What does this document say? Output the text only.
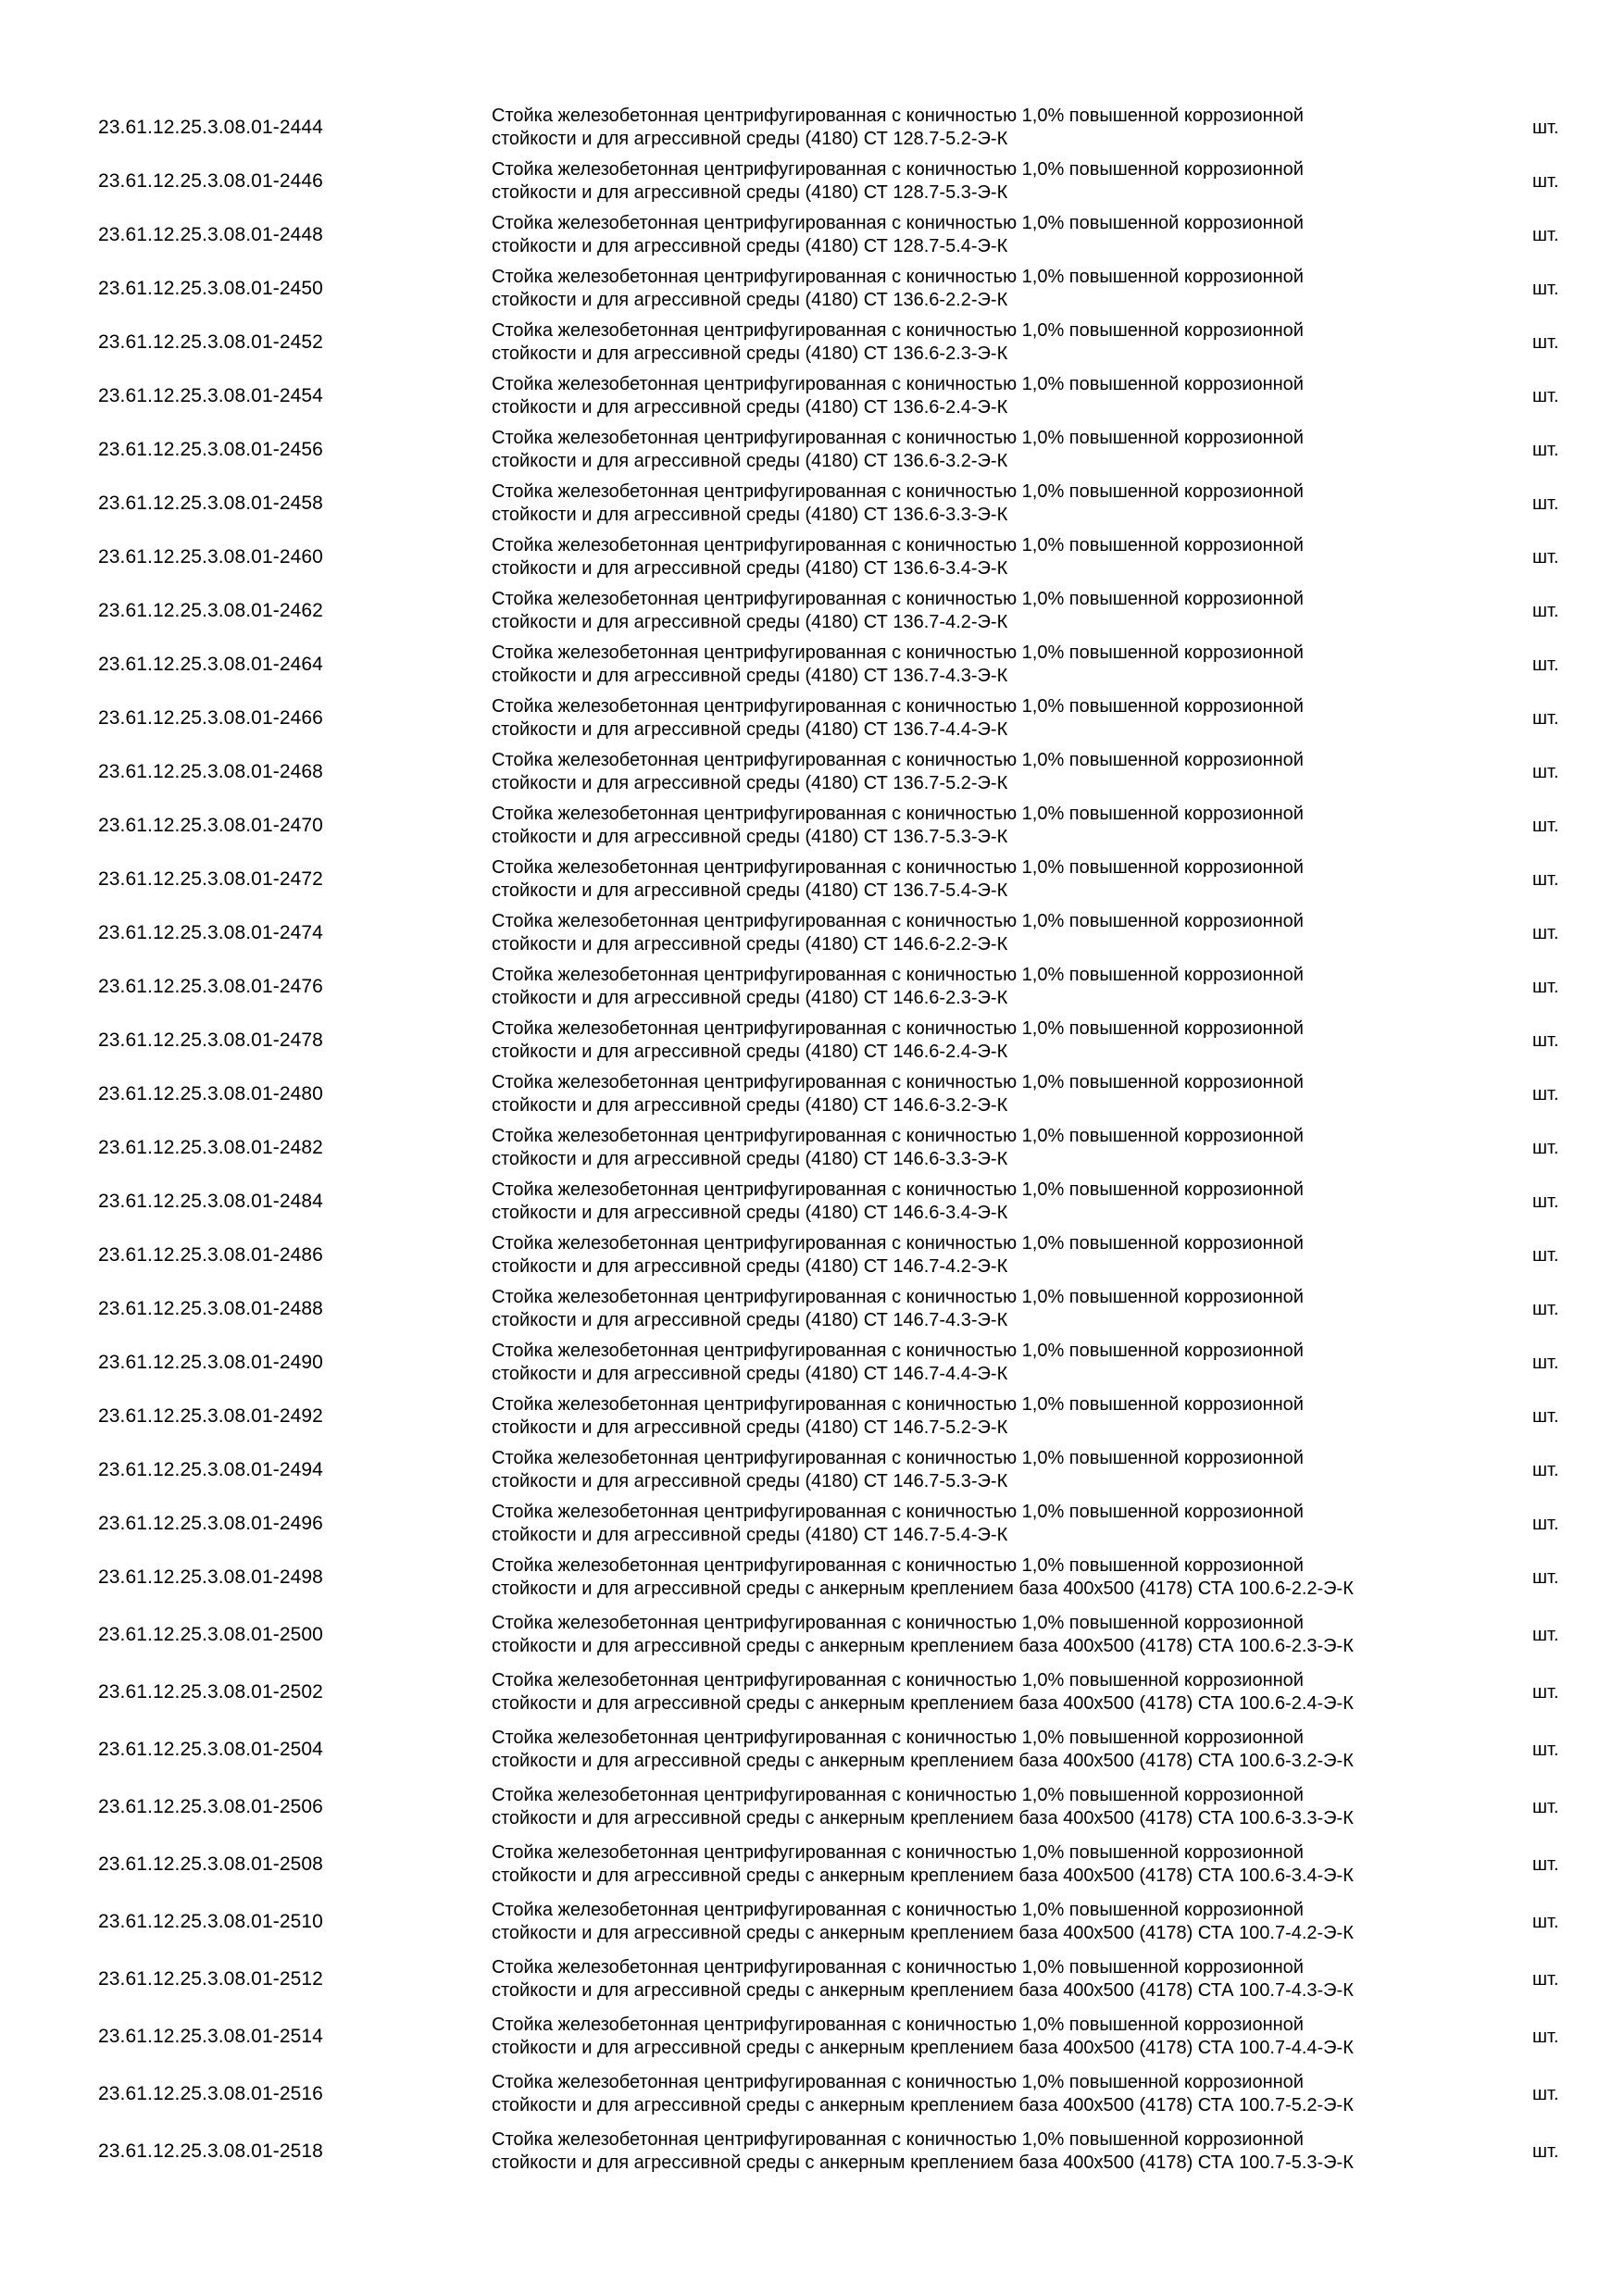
23.61.12.25.3.08.01-2444
Стойка железобетонная центрифугированная с коничностью 1,0% повышенной коррозионной
стойкости и для агрессивной среды (4180) СТ 128.7-5.2-Э-К
шт.
23.61.12.25.3.08.01-2446
Стойка железобетонная центрифугированная с коничностью 1,0% повышенной коррозионной
стойкости и для агрессивной среды (4180) СТ 128.7-5.3-Э-К
шт.
23.61.12.25.3.08.01-2448
Стойка железобетонная центрифугированная с коничностью 1,0% повышенной коррозионной
стойкости и для агрессивной среды (4180) СТ 128.7-5.4-Э-К
шт.
23.61.12.25.3.08.01-2450
Стойка железобетонная центрифугированная с коничностью 1,0% повышенной коррозионной
стойкости и для агрессивной среды (4180) СТ 136.6-2.2-Э-К
шт.
23.61.12.25.3.08.01-2452
Стойка железобетонная центрифугированная с коничностью 1,0% повышенной коррозионной
стойкости и для агрессивной среды (4180) СТ 136.6-2.3-Э-К
шт.
23.61.12.25.3.08.01-2454
Стойка железобетонная центрифугированная с коничностью 1,0% повышенной коррозионной
стойкости и для агрессивной среды (4180) СТ 136.6-2.4-Э-К
шт.
23.61.12.25.3.08.01-2456
Стойка железобетонная центрифугированная с коничностью 1,0% повышенной коррозионной
стойкости и для агрессивной среды (4180) СТ 136.6-3.2-Э-К
шт.
23.61.12.25.3.08.01-2458
Стойка железобетонная центрифугированная с коничностью 1,0% повышенной коррозионной
стойкости и для агрессивной среды (4180) СТ 136.6-3.3-Э-К
шт.
23.61.12.25.3.08.01-2460
Стойка железобетонная центрифугированная с коничностью 1,0% повышенной коррозионной
стойкости и для агрессивной среды (4180) СТ 136.6-3.4-Э-К
шт.
23.61.12.25.3.08.01-2462
Стойка железобетонная центрифугированная с коничностью 1,0% повышенной коррозионной
стойкости и для агрессивной среды (4180) СТ 136.7-4.2-Э-К
шт.
23.61.12.25.3.08.01-2464
Стойка железобетонная центрифугированная с коничностью 1,0% повышенной коррозионной
стойкости и для агрессивной среды (4180) СТ 136.7-4.3-Э-К
шт.
23.61.12.25.3.08.01-2466
Стойка железобетонная центрифугированная с коничностью 1,0% повышенной коррозионной
стойкости и для агрессивной среды (4180) СТ 136.7-4.4-Э-К
шт.
23.61.12.25.3.08.01-2468
Стойка железобетонная центрифугированная с коничностью 1,0% повышенной коррозионной
стойкости и для агрессивной среды (4180) СТ 136.7-5.2-Э-К
шт.
23.61.12.25.3.08.01-2470
Стойка железобетонная центрифугированная с коничностью 1,0% повышенной коррозионной
стойкости и для агрессивной среды (4180) СТ 136.7-5.3-Э-К
шт.
23.61.12.25.3.08.01-2472
Стойка железобетонная центрифугированная с коничностью 1,0% повышенной коррозионной
стойкости и для агрессивной среды (4180) СТ 136.7-5.4-Э-К
шт.
23.61.12.25.3.08.01-2474
Стойка железобетонная центрифугированная с коничностью 1,0% повышенной коррозионной
стойкости и для агрессивной среды (4180) СТ 146.6-2.2-Э-К
шт.
23.61.12.25.3.08.01-2476
Стойка железобетонная центрифугированная с коничностью 1,0% повышенной коррозионной
стойкости и для агрессивной среды (4180) СТ 146.6-2.3-Э-К
шт.
23.61.12.25.3.08.01-2478
Стойка железобетонная центрифугированная с коничностью 1,0% повышенной коррозионной
стойкости и для агрессивной среды (4180) СТ 146.6-2.4-Э-К
шт.
23.61.12.25.3.08.01-2480
Стойка железобетонная центрифугированная с коничностью 1,0% повышенной коррозионной
стойкости и для агрессивной среды (4180) СТ 146.6-3.2-Э-К
шт.
23.61.12.25.3.08.01-2482
Стойка железобетонная центрифугированная с коничностью 1,0% повышенной коррозионной
стойкости и для агрессивной среды (4180) СТ 146.6-3.3-Э-К
шт.
23.61.12.25.3.08.01-2484
Стойка железобетонная центрифугированная с коничностью 1,0% повышенной коррозионной
стойкости и для агрессивной среды (4180) СТ 146.6-3.4-Э-К
шт.
23.61.12.25.3.08.01-2486
Стойка железобетонная центрифугированная с коничностью 1,0% повышенной коррозионной
стойкости и для агрессивной среды (4180) СТ 146.7-4.2-Э-К
шт.
23.61.12.25.3.08.01-2488
Стойка железобетонная центрифугированная с коничностью 1,0% повышенной коррозионной
стойкости и для агрессивной среды (4180) СТ 146.7-4.3-Э-К
шт.
23.61.12.25.3.08.01-2490
Стойка железобетонная центрифугированная с коничностью 1,0% повышенной коррозионной
стойкости и для агрессивной среды (4180) СТ 146.7-4.4-Э-К
шт.
23.61.12.25.3.08.01-2492
Стойка железобетонная центрифугированная с коничностью 1,0% повышенной коррозионной
стойкости и для агрессивной среды (4180) СТ 146.7-5.2-Э-К
шт.
23.61.12.25.3.08.01-2494
Стойка железобетонная центрифугированная с коничностью 1,0% повышенной коррозионной
стойкости и для агрессивной среды (4180) СТ 146.7-5.3-Э-К
шт.
23.61.12.25.3.08.01-2496
Стойка железобетонная центрифугированная с коничностью 1,0% повышенной коррозионной
стойкости и для агрессивной среды (4180) СТ 146.7-5.4-Э-К
шт.
23.61.12.25.3.08.01-2498
Стойка железобетонная центрифугированная с коничностью 1,0% повышенной коррозионной
стойкости и для агрессивной среды с анкерным креплением база 400х500 (4178) СТА 100.6-2.2-Э-К
шт.
23.61.12.25.3.08.01-2500
Стойка железобетонная центрифугированная с коничностью 1,0% повышенной коррозионной
стойкости и для агрессивной среды с анкерным креплением база 400х500 (4178) СТА 100.6-2.3-Э-К
шт.
23.61.12.25.3.08.01-2502
Стойка железобетонная центрифугированная с коничностью 1,0% повышенной коррозионной
стойкости и для агрессивной среды с анкерным креплением база 400х500 (4178) СТА 100.6-2.4-Э-К
шт.
23.61.12.25.3.08.01-2504
Стойка железобетонная центрифугированная с коничностью 1,0% повышенной коррозионной
стойкости и для агрессивной среды с анкерным креплением база 400х500 (4178) СТА 100.6-3.2-Э-К
шт.
23.61.12.25.3.08.01-2506
Стойка железобетонная центрифугированная с коничностью 1,0% повышенной коррозионной
стойкости и для агрессивной среды с анкерным креплением база 400х500 (4178) СТА 100.6-3.3-Э-К
шт.
23.61.12.25.3.08.01-2508
Стойка железобетонная центрифугированная с коничностью 1,0% повышенной коррозионной
стойкости и для агрессивной среды с анкерным креплением база 400х500 (4178) СТА 100.6-3.4-Э-К
шт.
23.61.12.25.3.08.01-2510
Стойка железобетонная центрифугированная с коничностью 1,0% повышенной коррозионной
стойкости и для агрессивной среды с анкерным креплением база 400х500 (4178) СТА 100.7-4.2-Э-К
шт.
23.61.12.25.3.08.01-2512
Стойка железобетонная центрифугированная с коничностью 1,0% повышенной коррозионной
стойкости и для агрессивной среды с анкерным креплением база 400х500 (4178) СТА 100.7-4.3-Э-К
шт.
23.61.12.25.3.08.01-2514
Стойка железобетонная центрифугированная с коничностью 1,0% повышенной коррозионной
стойкости и для агрессивной среды с анкерным креплением база 400х500 (4178) СТА 100.7-4.4-Э-К
шт.
23.61.12.25.3.08.01-2516
Стойка железобетонная центрифугированная с коничностью 1,0% повышенной коррозионной
стойкости и для агрессивной среды с анкерным креплением база 400х500 (4178) СТА 100.7-5.2-Э-К
шт.
23.61.12.25.3.08.01-2518
Стойка железобетонная центрифугированная с коничностью 1,0% повышенной коррозионной
стойкости и для агрессивной среды с анкерным креплением база 400х500 (4178) СТА 100.7-5.3-Э-К
шт.
